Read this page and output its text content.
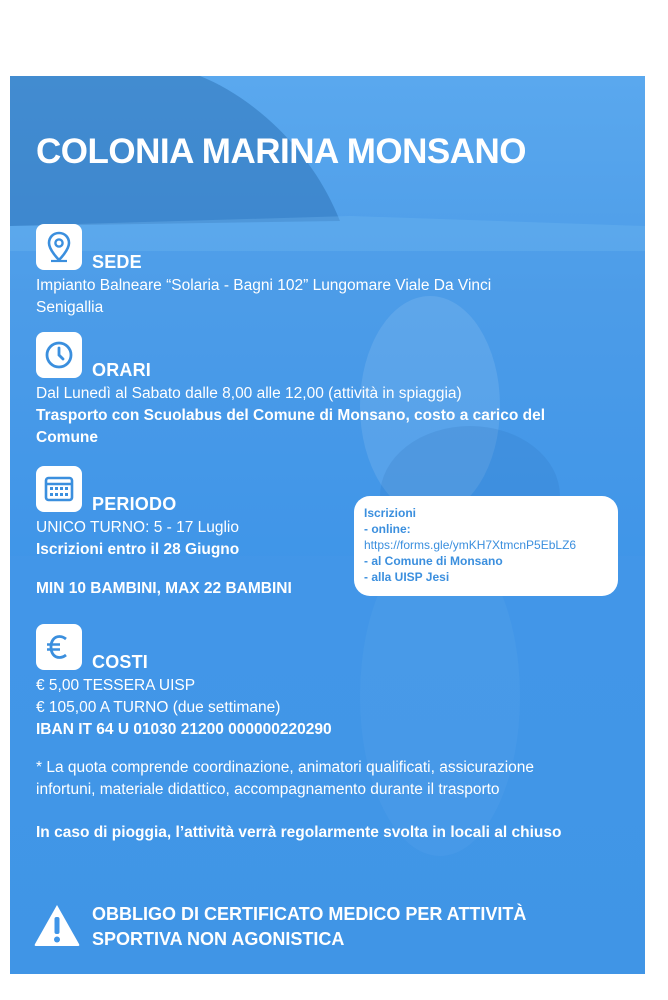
COLONIA MARINA MONSANO
SEDE

Impianto Balneare “Solaria - Bagni 102” Lungomare Viale Da Vinci

Senigallia

ORARI

Dal Lunedì al Sabato dalle 8,00 alle 12,00 (attività in spiaggia)

Trasporto con Scuolabus del Comune di Monsano, costo a carico del

Comune

PERIODO

UNICO TURNO: 5 - 17 Luglio

Iscrizioni entro il 28 Giugno

MIN 10 BAMBINI, MAX 22 BAMBINI

Iscrizioni
- online:
https://forms.gle/ymKH7XtmcnP5EbLZ6
- al Comune di Monsano
- alla UISP Jesi
COSTI

€ 5,00 TESSERA UISP

€ 105,00 A TURNO (due settimane)

IBAN IT 64 U 01030 21200 000000220290

* La quota comprende coordinazione, animatori qualificati, assicurazione

infortuni, materiale didattico, accompagnamento durante il trasporto

In caso di pioggia, l’attività verrà regolarmente svolta in locali al chiuso
OBBLIGO DI CERTIFICATO MEDICO PER ATTIVITÀ
SPORTIVA NON AGONISTICA
